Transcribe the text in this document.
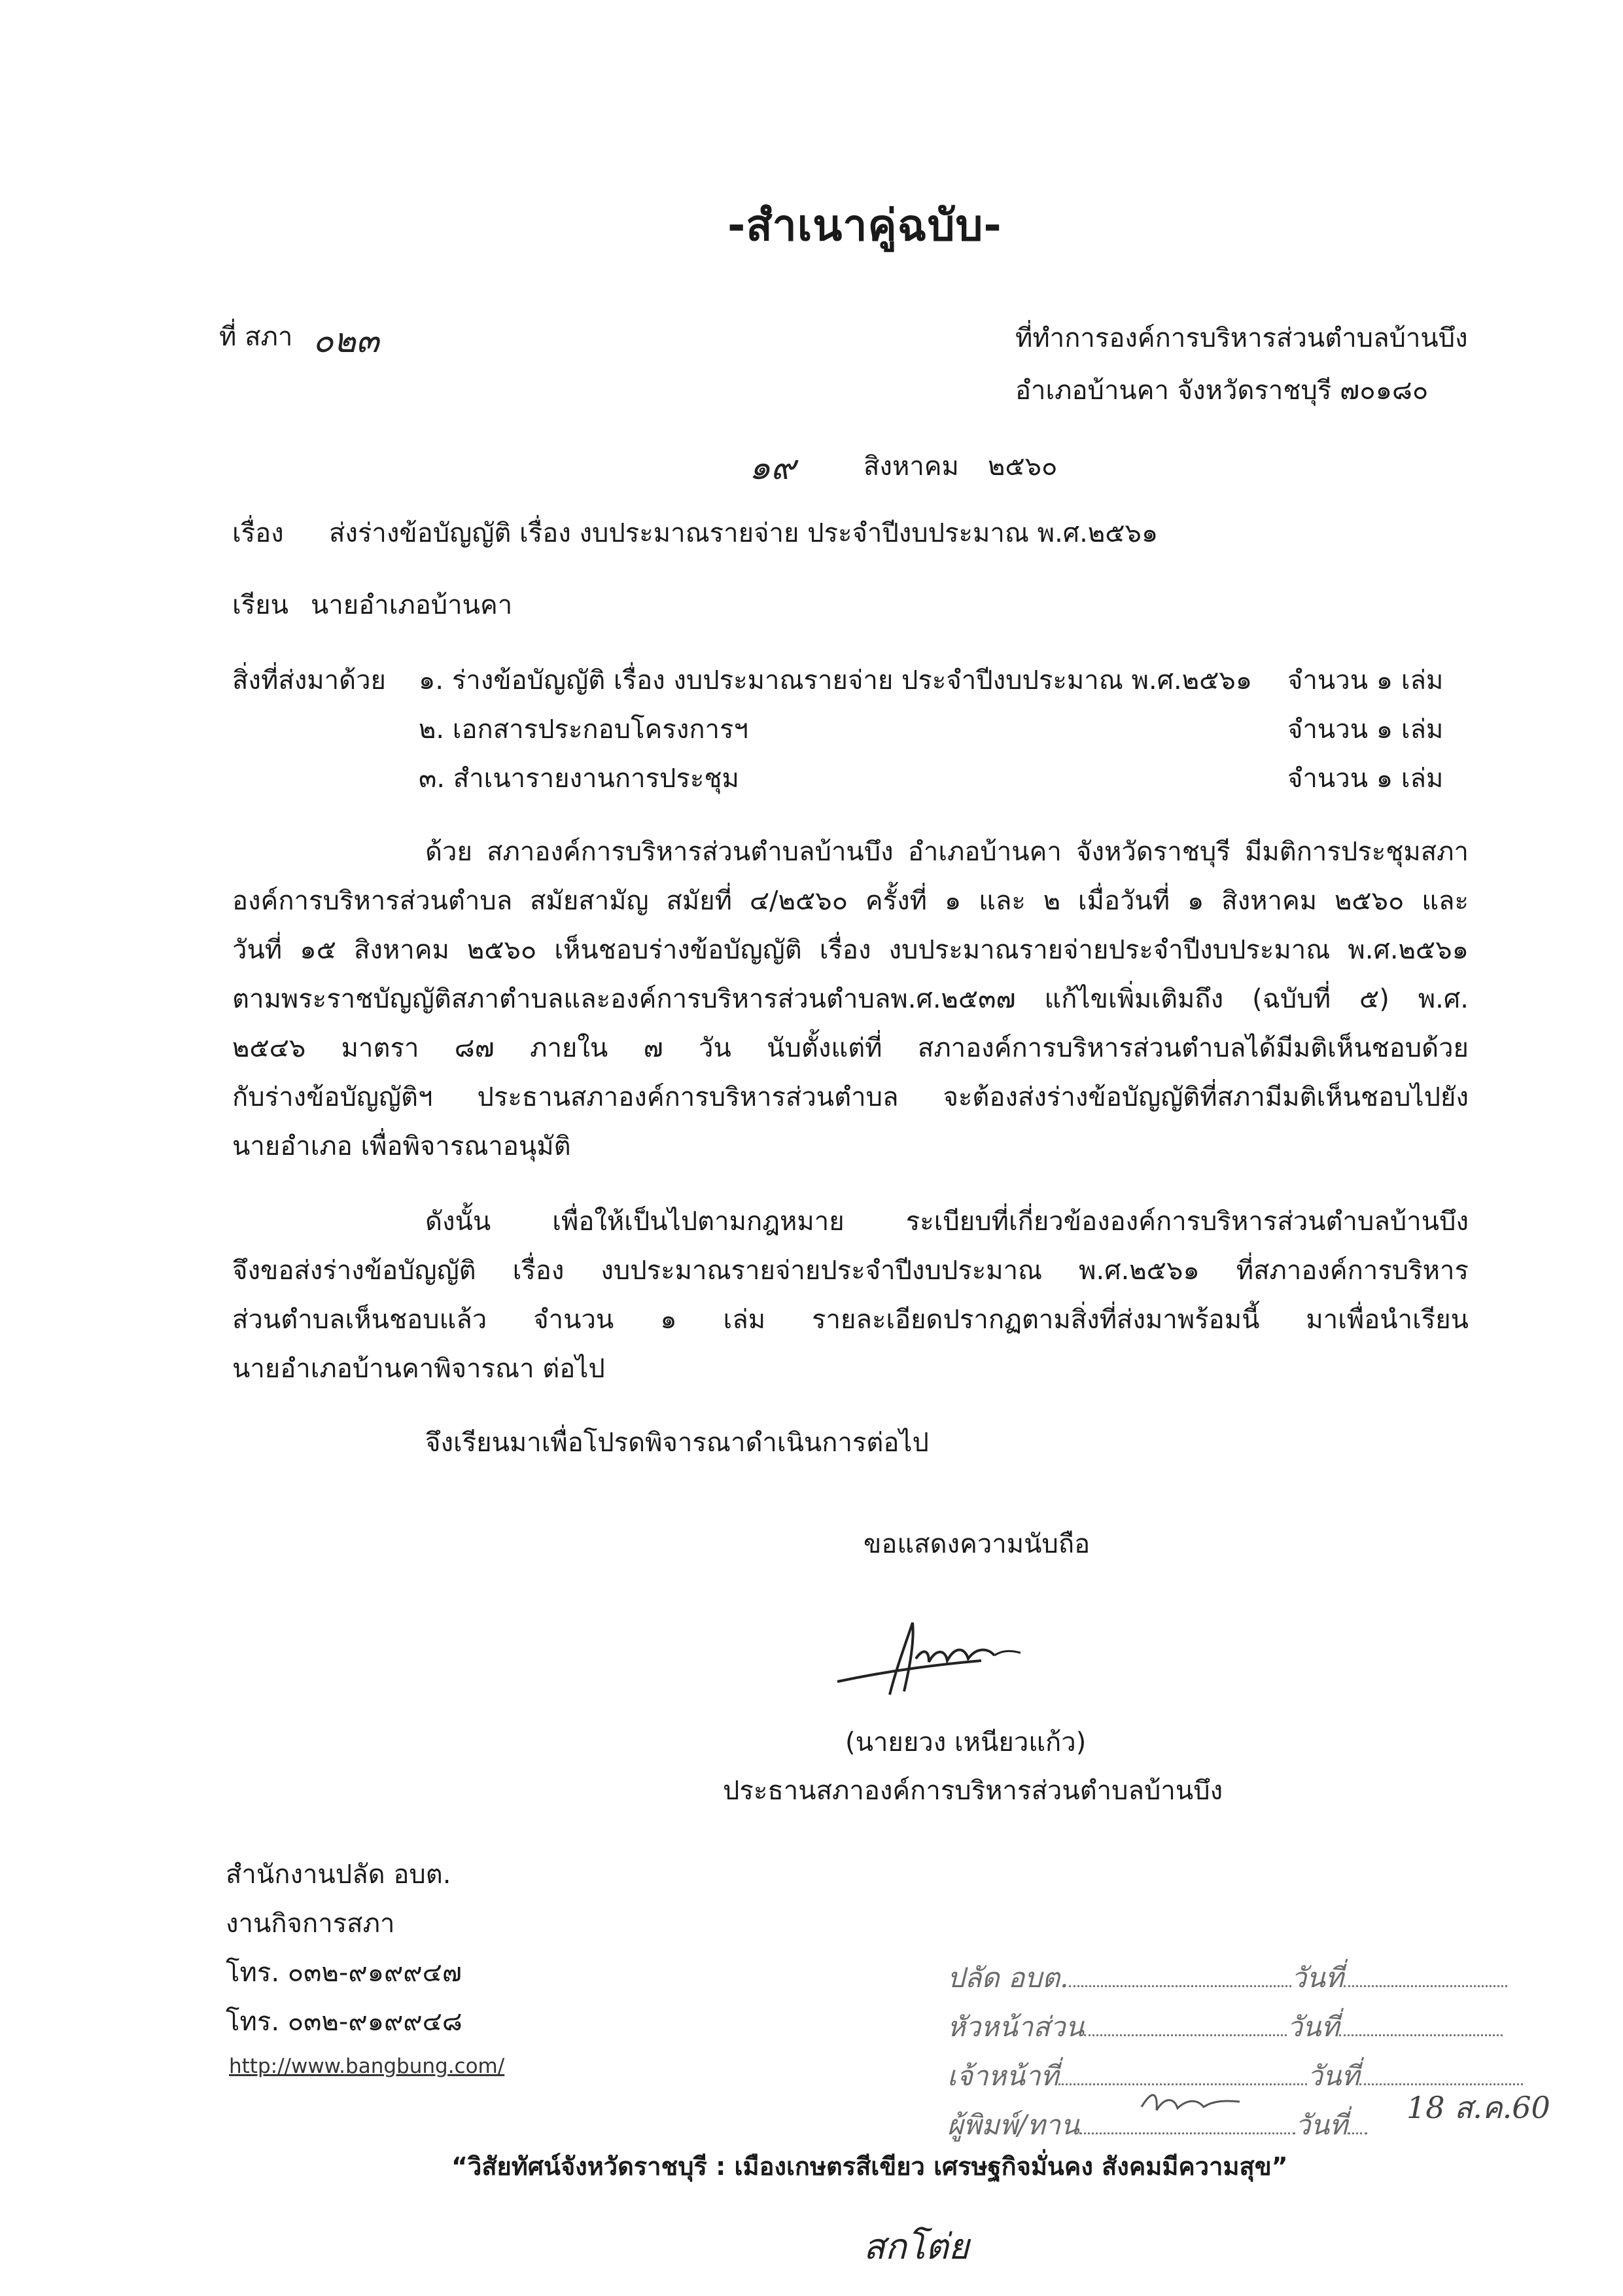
-สำเนาคู่ฉบับ-
ที่ สภา ๐๒๓	ที่ทำการองค์การบริหารส่วนตำบลบ้านบึง
อำเภอบ้านคา จังหวัดราชบุรี ๗๐๑๘๐
๑๙	สิงหาคม ๒๕๖๐
เรื่อง ส่งร่างข้อบัญญัติ เรื่อง งบประมาณรายจ่าย ประจำปีงบประมาณ พ.ศ.๒๕๖๑
เรียน นายอำเภอบ้านคา
สิ่งที่ส่งมาด้วย ๑. ร่างข้อบัญญัติ เรื่อง งบประมาณรายจ่าย ประจำปีงบประมาณ พ.ศ.๒๕๖๑ จำนวน ๑ เล่ม
๒. เอกสารประกอบโครงการฯ	จำนวน ๑ เล่ม
๓. สำเนารายงานการประชุม	จำนวน ๑ เล่ม
ด้วย สภาองค์การบริหารส่วนตำบลบ้านบึง อำเภอบ้านคา จังหวัดราชบุรี มีมติการประชุมสภา
องค์การบริหารส่วนตำบล สมัยสามัญ สมัยที่ ๔/๒๕๖๐ ครั้งที่ ๑ และ ๒ เมื่อวันที่ ๑ สิงหาคม ๒๕๖๐ และ
วันที่ ๑๕ สิงหาคม ๒๕๖๐ เห็นชอบร่างข้อบัญญัติ เรื่อง งบประมาณรายจ่ายประจำปีงบประมาณ พ.ศ.๒๕๖๑
ตามพระราชบัญญัติสภาตำบลและองค์การบริหารส่วนตำบลพ.ศ.๒๕๓๗ แก้ไขเพิ่มเติมถึง (ฉบับที่ ๕) พ.ศ.
๒๕๔๖ มาตรา ๘๗ ภายใน ๗ วัน นับตั้งแต่ที่ สภาองค์การบริหารส่วนตำบลได้มีมติเห็นชอบด้วย
กับร่างข้อบัญญัติฯ ประธานสภาองค์การบริหารส่วนตำบล จะต้องส่งร่างข้อบัญญัติที่สภามีมติเห็นชอบไปยัง
นายอำเภอ เพื่อพิจารณาอนุมัติ
ดังนั้น เพื่อให้เป็นไปตามกฎหมาย ระเบียบที่เกี่ยวข้ององค์การบริหารส่วนตำบลบ้านบึง
จึงขอส่งร่างข้อบัญญัติ เรื่อง งบประมาณรายจ่ายประจำปีงบประมาณ พ.ศ.๒๕๖๑ ที่สภาองค์การบริหาร
ส่วนตำบลเห็นชอบแล้ว จำนวน ๑ เล่ม รายละเอียดปรากฏตามสิ่งที่ส่งมาพร้อมนี้ มาเพื่อนำเรียน
นายอำเภอบ้านคาพิจารณา ต่อไป
จึงเรียนมาเพื่อโปรดพิจารณาดำเนินการต่อไป
ขอแสดงความนับถือ
(นายยวง เหนียวแก้ว)
ประธานสภาองค์การบริหารส่วนตำบลบ้านบึง
สำนักงานปลัด อบต.
งานกิจการสภา
โทร. ๐๓๒-๙๑๙๙๔๗
โทร. ๐๓๒-๙๑๙๙๔๘
http://www.bangbung.com/
ปลัด อบต.	วันที่
หัวหน้าส่วน	วันที่
เจ้าหน้าที่	วันที่
ผู้พิมพ์/ทาน	วันที่	18 ส.ค.60
“วิสัยทัศน์จังหวัดราชบุรี : เมืองเกษตรสีเขียว เศรษฐกิจมั่นคง สังคมมีความสุข”
สกโต่ย
